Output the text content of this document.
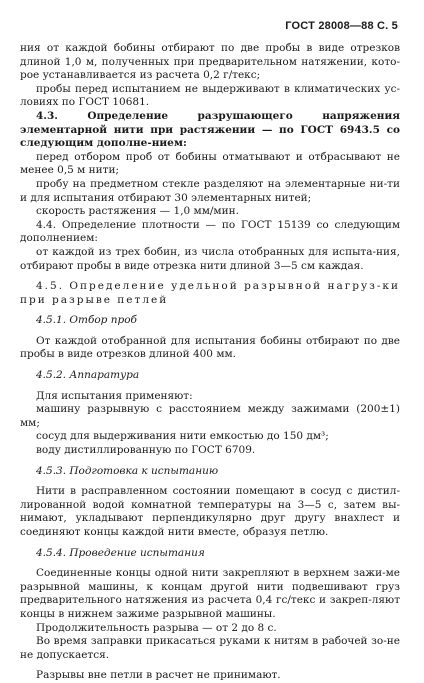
ГОСТ 28008—88 С. 5

ния от каждой бобины отбирают по две пробы в виде отрезков длиной 1,0 м, полученных при предварительном натяжении, кото-рое устанавливается из расчета 0,2 г/текс;

пробы перед испытанием не выдерживают в климатических ус-ловиях по ГОСТ 10681.

4.3. Определение разрушающего напряжения элементарной нити при растяжении — по ГОСТ 6943.5 со следующим дополне-нием:

перед отбором проб от бобины отматывают и отбрасывают не менее 0,5 м нити;

пробу на предметном стекле разделяют на элементарные ни-ти и для испытания отбирают 30 элементарных нитей;

скорость растяжения — 1,0 мм/мин.

4.4. Определение плотности — по ГОСТ 15139 со следующим дополнением:

от каждой из трех бобин, из числа отобранных для испыта-ния, отбирают пробы в виде отрезка нити длиной 3—5 см каждая.

4.5. Определение удельной разрывной нагруз-ки при разрыве петлей

4.5.1. Отбор проб

От каждой отобранной для испытания бобины отбирают по две пробы в виде отрезков длиной 400 мм.

4.5.2. Аппаратура

Для испытания применяют:

машину разрывную с расстоянием между зажимами (200±1) мм;

сосуд для выдерживания нити емкостью до 150 дм³;

воду дистиллированную по ГОСТ 6709.

4.5.3. Подготовка к испытанию

Нити в расправленном состоянии помещают в сосуд с дистил-лированной водой комнатной температуры на 3—5 с, затем вы-нимают, укладывают перпендикулярно друг другу внахлест и соединяют концы каждой нити вместе, образуя петлю.

4.5.4. Проведение испытания

Соединенные концы одной нити закрепляют в верхнем зажи-ме разрывной машины, к концам другой нити подвешивают груз предварительного натяжения из расчета 0,4 гс/текс и закреп-ляют концы в нижнем зажиме разрывной машины.

Продолжительность разрыва — от 2 до 8 с.

Во время заправки прикасаться руками к нитям в рабочей зо-не не допускается.

Разрывы вне петли в расчет не принимают.
